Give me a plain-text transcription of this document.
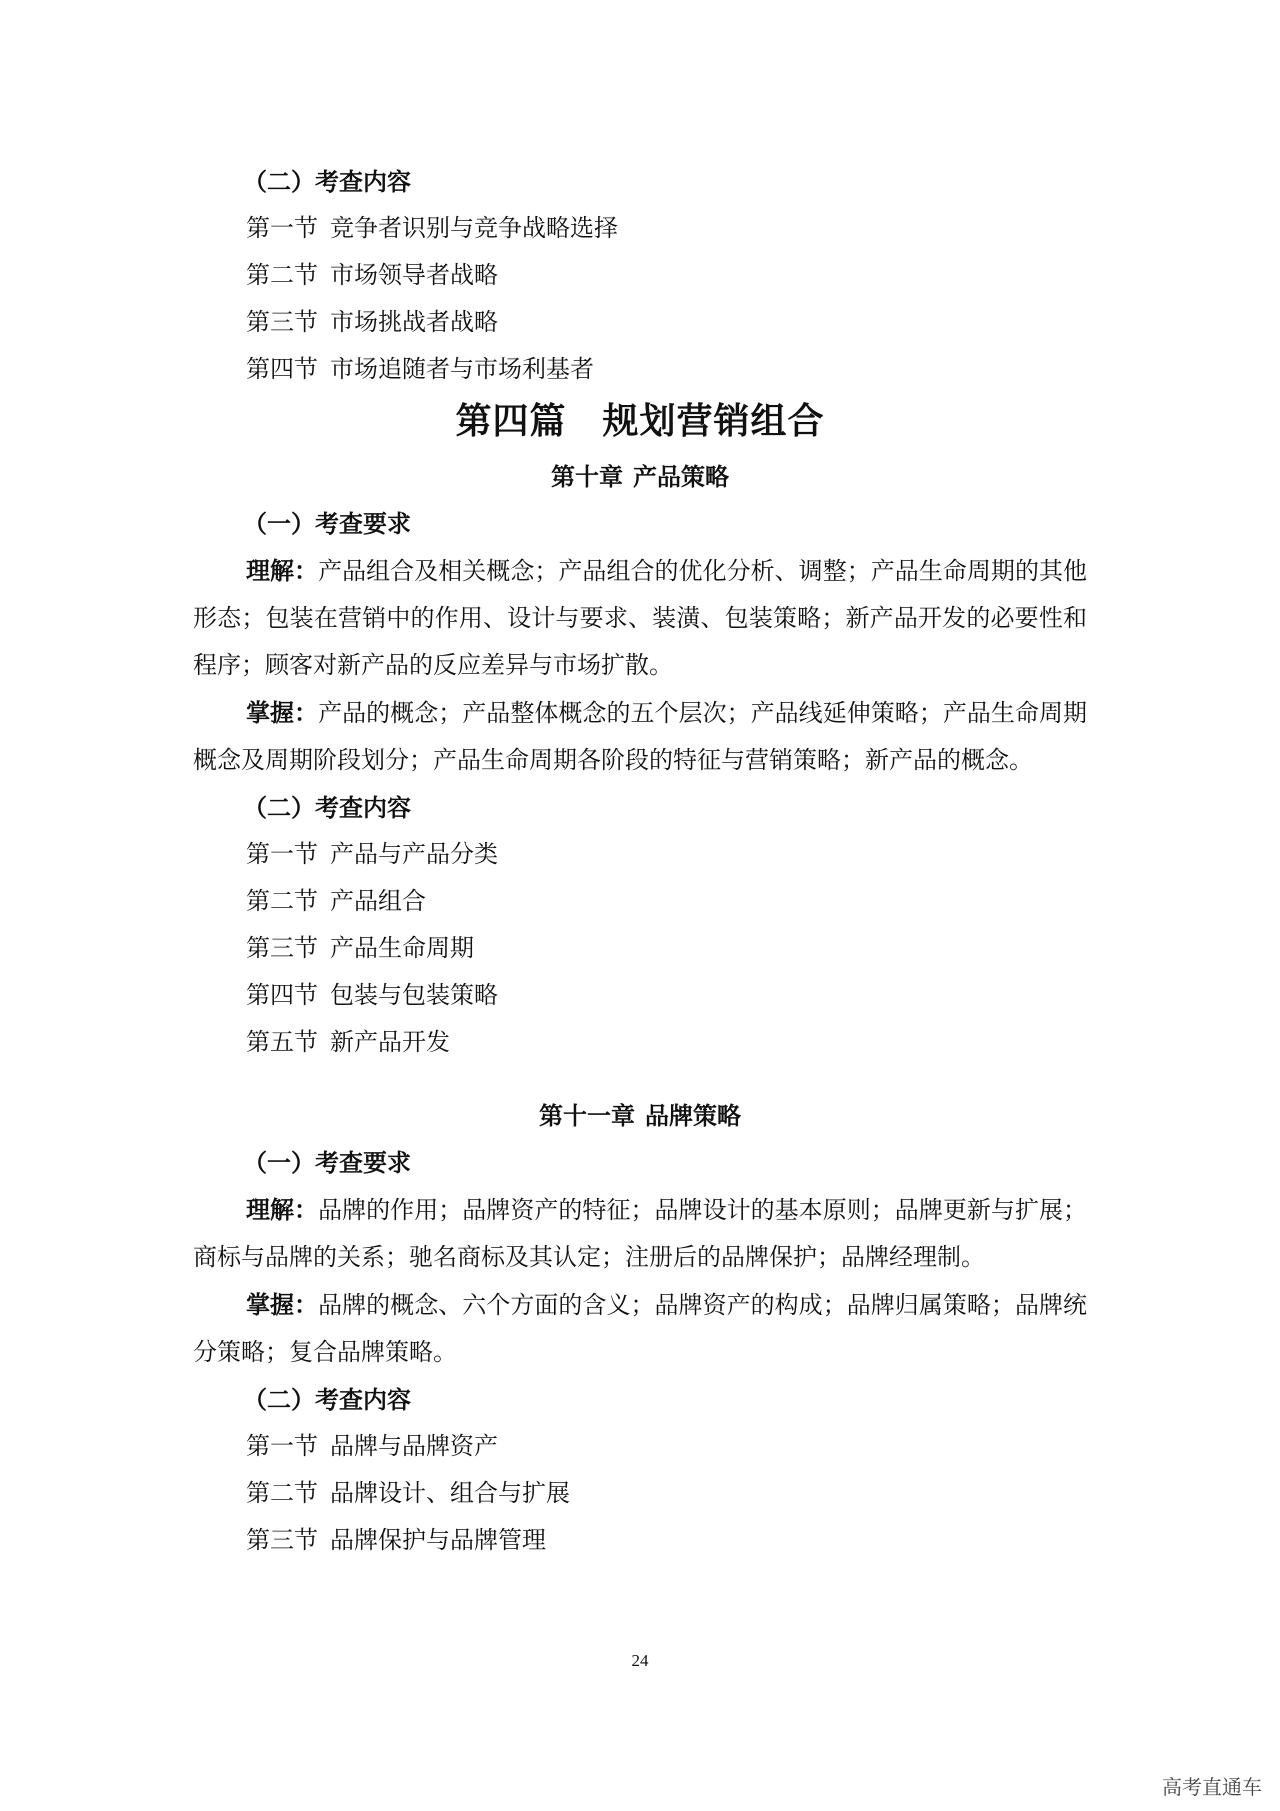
（二）考查内容
第一节 竞争者识别与竞争战略选择
第二节 市场领导者战略
第三节 市场挑战者战略
第四节 市场追随者与市场利基者
第四篇 规划营销组合
第十章 产品策略
（一）考查要求

理解：产品组合及相关概念；产品组合的优化分析、调整；产品生命周期的其他形态；包装在营销中的作用、设计与要求、装潢、包装策略；新产品开发的必要性和程序；顾客对新产品的反应差异与市场扩散。

掌握：产品的概念；产品整体概念的五个层次；产品线延伸策略；产品生命周期概念及周期阶段划分；产品生命周期各阶段的特征与营销策略；新产品的概念。

（二）考查内容
第一节 产品与产品分类
第二节 产品组合
第三节 产品生命周期
第四节 包装与包装策略
第五节 新产品开发
第十一章 品牌策略
（一）考查要求

理解：品牌的作用；品牌资产的特征；品牌设计的基本原则；品牌更新与扩展；商标与品牌的关系；驰名商标及其认定；注册后的品牌保护；品牌经理制。

掌握：品牌的概念、六个方面的含义；品牌资产的构成；品牌归属策略；品牌统分策略；复合品牌策略。

（二）考查内容
第一节 品牌与品牌资产
第二节 品牌设计、组合与扩展
第三节 品牌保护与品牌管理
24
高考直通车
